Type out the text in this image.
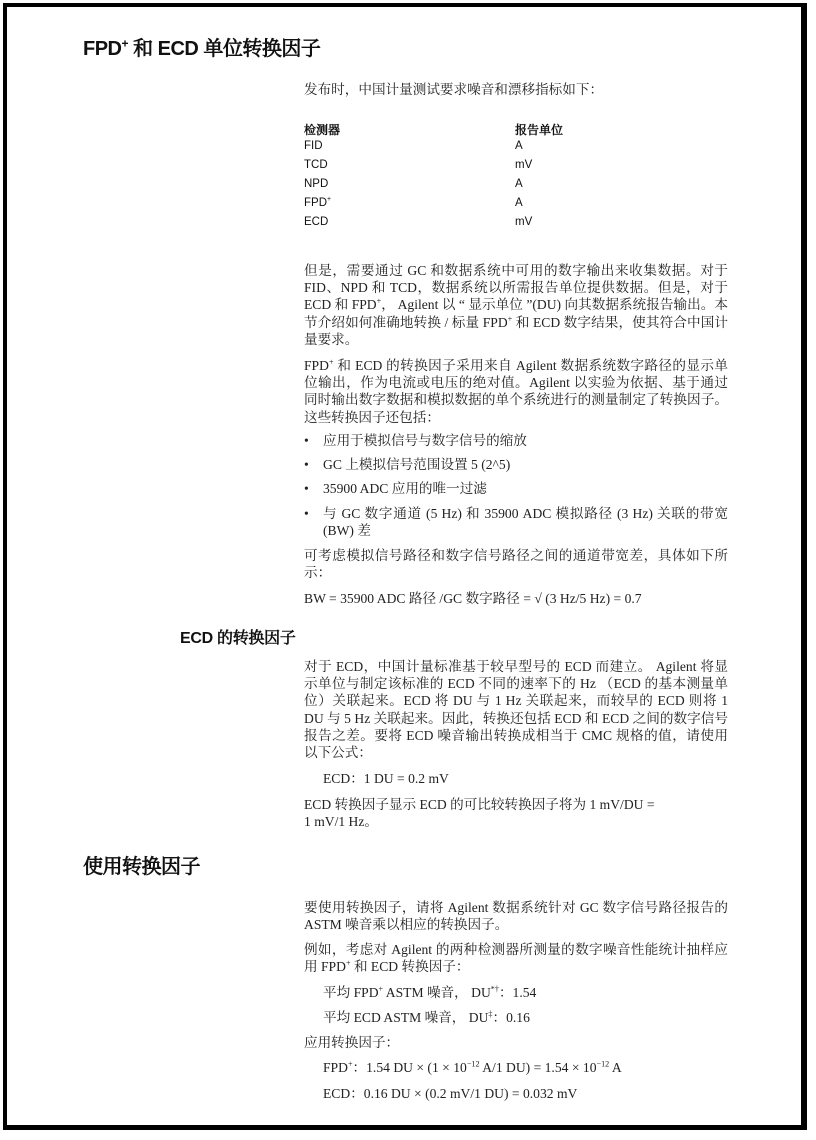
FPD+ 和 ECD 单位转换因子

发布时，中国计量测试要求噪音和漂移指标如下：

检测器	报告单位
FID	A
TCD	mV
NPD	A
FPD+	A
ECD	mV

但是，需要通过 GC 和数据系统中可用的数字输出来收集数据。对于 FID、NPD 和 TCD，数据系统以所需报告单位提供数据。但是，对于 ECD 和 FPD+， Agilent 以 “ 显示单位 ”(DU) 向其数据系统报告输出。本节介绍如何准确地转换 / 标量 FPD+ 和 ECD 数字结果，使其符合中国计量要求。

FPD+ 和 ECD 的转换因子采用来自 Agilent 数据系统数字路径的显示单位输出，作为电流或电压的绝对值。Agilent 以实验为依据、基于通过同时输出数字数据和模拟数据的单个系统进行的测量制定了转换因子。这些转换因子还包括：

•	应用于模拟信号与数字信号的缩放
•	GC 上模拟信号范围设置 5 (2^5)
•	35900 ADC 应用的唯一过滤
•	与 GC 数字通道 (5 Hz) 和 35900 ADC 模拟路径 (3 Hz) 关联的带宽 (BW) 差

可考虑模拟信号路径和数字信号路径之间的通道带宽差，具体如下所示：

BW = 35900 ADC 路径 /GC 数字路径 = √ (3 Hz/5 Hz) = 0.7

ECD 的转换因子

对于 ECD，中国计量标准基于较早型号的 ECD 而建立。 Agilent 将显示单位与制定该标准的 ECD 不同的速率下的 Hz （ECD 的基本测量单位）关联起来。ECD 将 DU 与 1 Hz 关联起来，而较早的 ECD 则将 1 DU 与 5 Hz 关联起来。因此，转换还包括 ECD 和 ECD 之间的数字信号报告之差。要将 ECD 噪音输出转换成相当于 CMC 规格的值，请使用以下公式：

ECD：1 DU = 0.2 mV

ECD 转换因子显示 ECD 的可比较转换因子将为 1 mV/DU =
1 mV/1 Hz。

使用转换因子

要使用转换因子，请将 Agilent 数据系统针对 GC 数字信号路径报告的 ASTM 噪音乘以相应的转换因子。

例如，考虑对 Agilent 的两种检测器所测量的数字噪音性能统计抽样应用 FPD+ 和 ECD 转换因子：

平均 FPD+ ASTM 噪音， DU*†：1.54

平均 ECD ASTM 噪音， DU‡：0.16

应用转换因子：

FPD+：1.54 DU × ($1 \times 10^{-12}$ A/1 $DU) = 1.54 \times 10^{-12}$ A

ECD：0.16 DU × (0.2 mV/1 DU) = 0.032 mV
